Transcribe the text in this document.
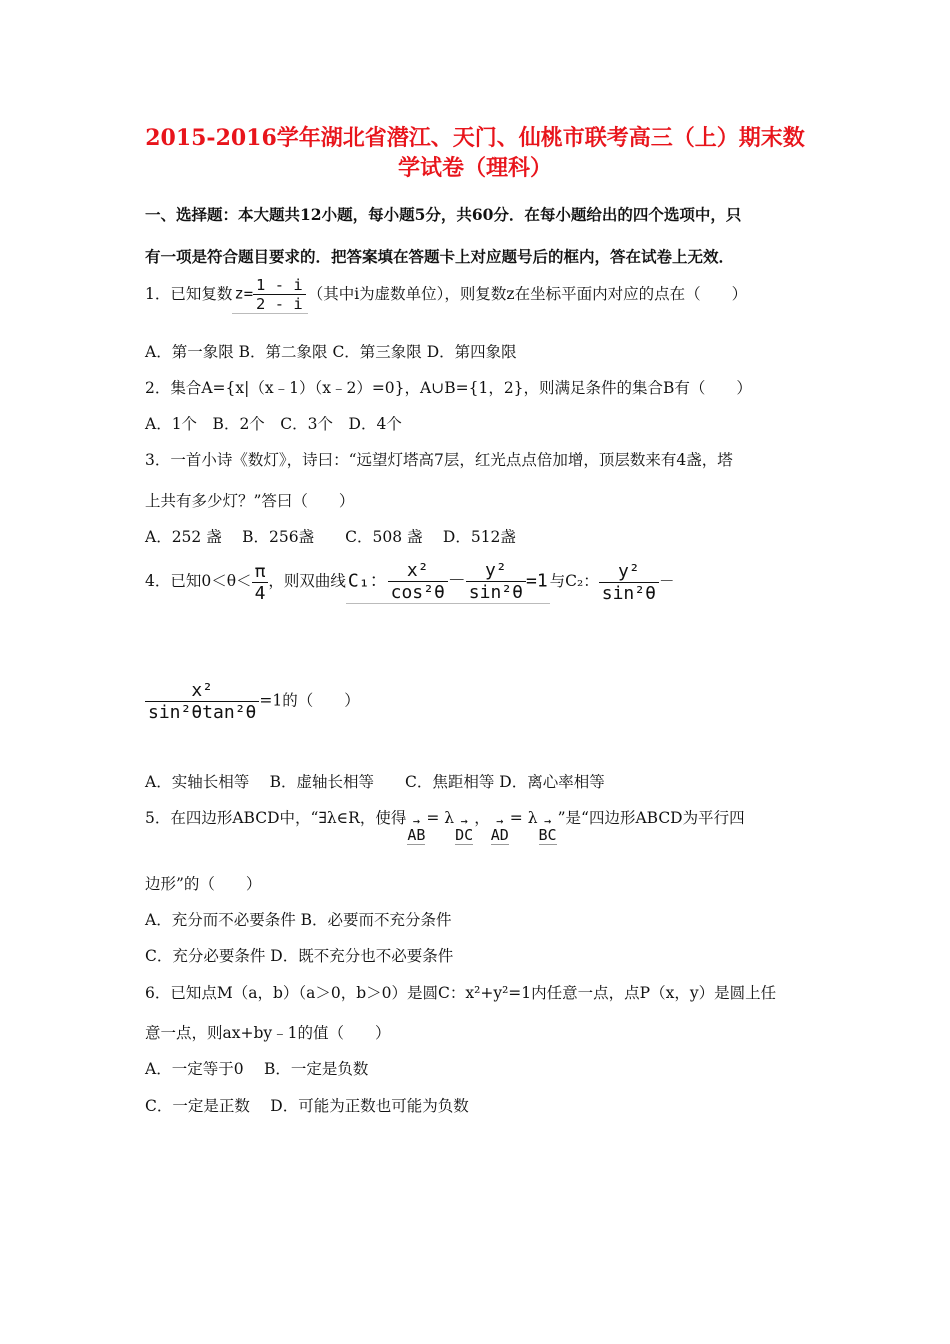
2015-2016学年湖北省潜江、天门、仙桃市联考高三（上）期末数
学试卷（理科）
一、选择题：本大题共12小题，每小题5分，共60分．在每小题给出的四个选项中，只
有一项是符合题目要求的．把答案填在答题卡上对应题号后的框内，答在试卷上无效．
1．已知复数 $z= \frac{1 - i}{2 - i}$ （其中i为虚数单位），则复数z在坐标平面内对应的点在（　　）
A．第一象限 B．第二象限 C．第三象限 D．第四象限
2．集合A={x|（x﹣1）（x﹣2）=0}，A∪B={1，2}，则满足条件的集合B有（　　）
A．1个　B．2个　C．3个　D．4个
3．一首小诗《数灯》，诗曰：“远望灯塔高7层，红光点点倍加增，顶层数来有4盏，塔
上共有多少灯？”答曰（　　）
A．252 盏　 B．256盏　　C．508 盏　 D．512盏
4．已知$0<\theta< \frac{\pi}{4}$ ，则双曲线 C₁： $\frac{\text{x²}}{\text{cos²θ}} - \frac{\text{y²}}{\text{sin²θ}} =1$ 与C₂： $\frac{\text{y²}}{\text{sin²θ}}$ －
$\frac{\text{x²}}{\text{sin²θtan²θ}} =1$的（　　）
A．实轴长相等　 B．虚轴长相等　　C．焦距相等 D．离心率相等
5．在四边形ABCD中，“∃λ∈R，使得 →
AB
= λ →
DC
， →
AD
= λ →
BC
”是“四边形ABCD为平行四
边形”的（　　）
A．充分而不必要条件 B．必要而不充分条件
C．充分必要条件 D．既不充分也不必要条件
6．已知点M（a，b）（a＞0，b＞0）是圆C：x²+y²=1内任意一点，点P（x，y）是圆上任
意一点，则ax+by﹣1的值（　　）
A．一定等于0　 B．一定是负数
C．一定是正数　 D．可能为正数也可能为负数
